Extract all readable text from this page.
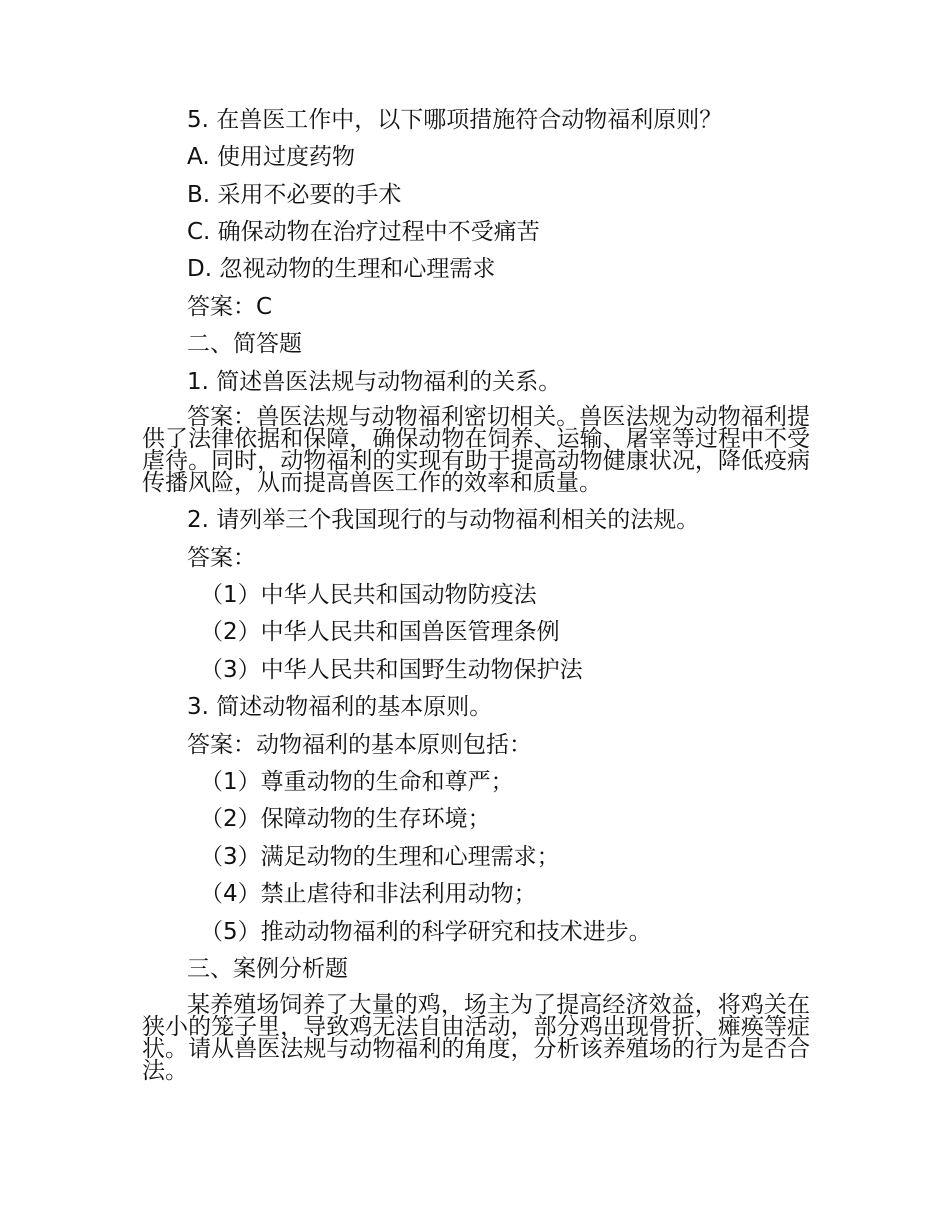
5. 在兽医工作中，以下哪项措施符合动物福利原则？

A. 使用过度药物

B. 采用不必要的手术

C. 确保动物在治疗过程中不受痛苦

D. 忽视动物的生理和心理需求

答案：C

二、简答题

1. 简述兽医法规与动物福利的关系。

答案：兽医法规与动物福利密切相关。兽医法规为动物福利提供了法律依据和保障，确保动物在饲养、运输、屠宰等过程中不受虐待。同时，动物福利的实现有助于提高动物健康状况，降低疫病传播风险，从而提高兽医工作的效率和质量。

2. 请列举三个我国现行的与动物福利相关的法规。

答案：

（1）中华人民共和国动物防疫法

（2）中华人民共和国兽医管理条例

（3）中华人民共和国野生动物保护法

3. 简述动物福利的基本原则。

答案：动物福利的基本原则包括：

（1）尊重动物的生命和尊严；

（2）保障动物的生存环境；

（3）满足动物的生理和心理需求；

（4）禁止虐待和非法利用动物；

（5）推动动物福利的科学研究和技术进步。

三、案例分析题

某养殖场饲养了大量的鸡，场主为了提高经济效益，将鸡关在狭小的笼子里，导致鸡无法自由活动，部分鸡出现骨折、瘫痪等症状。请从兽医法规与动物福利的角度，分析该养殖场的行为是否合法。
